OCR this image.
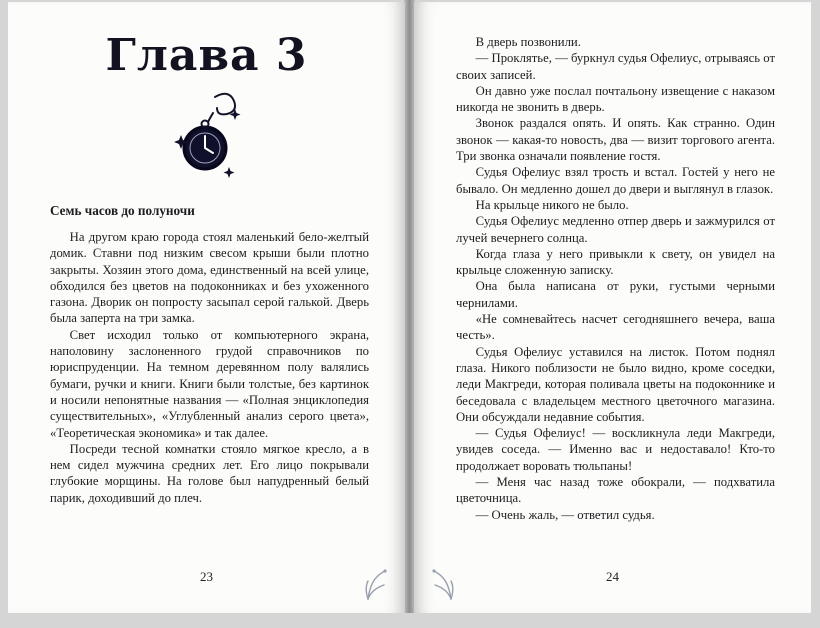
Глава 3
Семь часов до полуночи

На другом краю города стоял маленький бело-желтый домик. Ставни под низким свесом крыши были плотно закрыты. Хозяин этого дома, единственный на всей улице, обходился без цветов на подоконниках и без ухоженного газона. Дворик он попросту засыпал серой галькой. Дверь была заперта на три замка.

Свет исходил только от компьютерного экрана, наполовину заслоненного грудой справочников по юриспруденции. На темном деревянном полу валялись бумаги, ручки и книги. Книги были толстые, без картинок и носили непонятные названия — «Полная энциклопедия существительных», «Углубленный анализ серого цвета», «Теоретическая экономика» и так далее.

Посреди тесной комнатки стояло мягкое кресло, а в нем сидел мужчина средних лет. Его лицо покрывали глубокие морщины. На голове был напудренный белый парик, доходивший до плеч.

23

В дверь позвонили.

— Проклятье, — буркнул судья Офелиус, отрываясь от своих записей.

Он давно уже послал почтальону извещение с наказом никогда не звонить в дверь.

Звонок раздался опять. И опять. Как странно. Один звонок — какая-то новость, два — визит торгового агента. Три звонка означали появление гостя.

Судья Офелиус взял трость и встал. Гостей у него не бывало. Он медленно дошел до двери и выглянул в глазок.

На крыльце никого не было.

Судья Офелиус медленно отпер дверь и зажмурился от лучей вечернего солнца.

Когда глаза у него привыкли к свету, он увидел на крыльце сложенную записку.

Она была написана от руки, густыми черными чернилами.

«Не сомневайтесь насчет сегодняшнего вечера, ваша честь».

Судья Офелиус уставился на листок. Потом поднял глаза. Никого поблизости не было видно, кроме соседки, леди Макгреди, которая поливала цветы на подоконнике и беседовала с владельцем местного цветочного магазина. Они обсуждали недавние события.

— Судья Офелиус! — воскликнула леди Макгреди, увидев соседа. — Именно вас и недоставало! Кто-то продолжает воровать тюльпаны!

— Меня час назад тоже обокрали, — подхватила цветочница.

— Очень жаль, — ответил судья.

24
